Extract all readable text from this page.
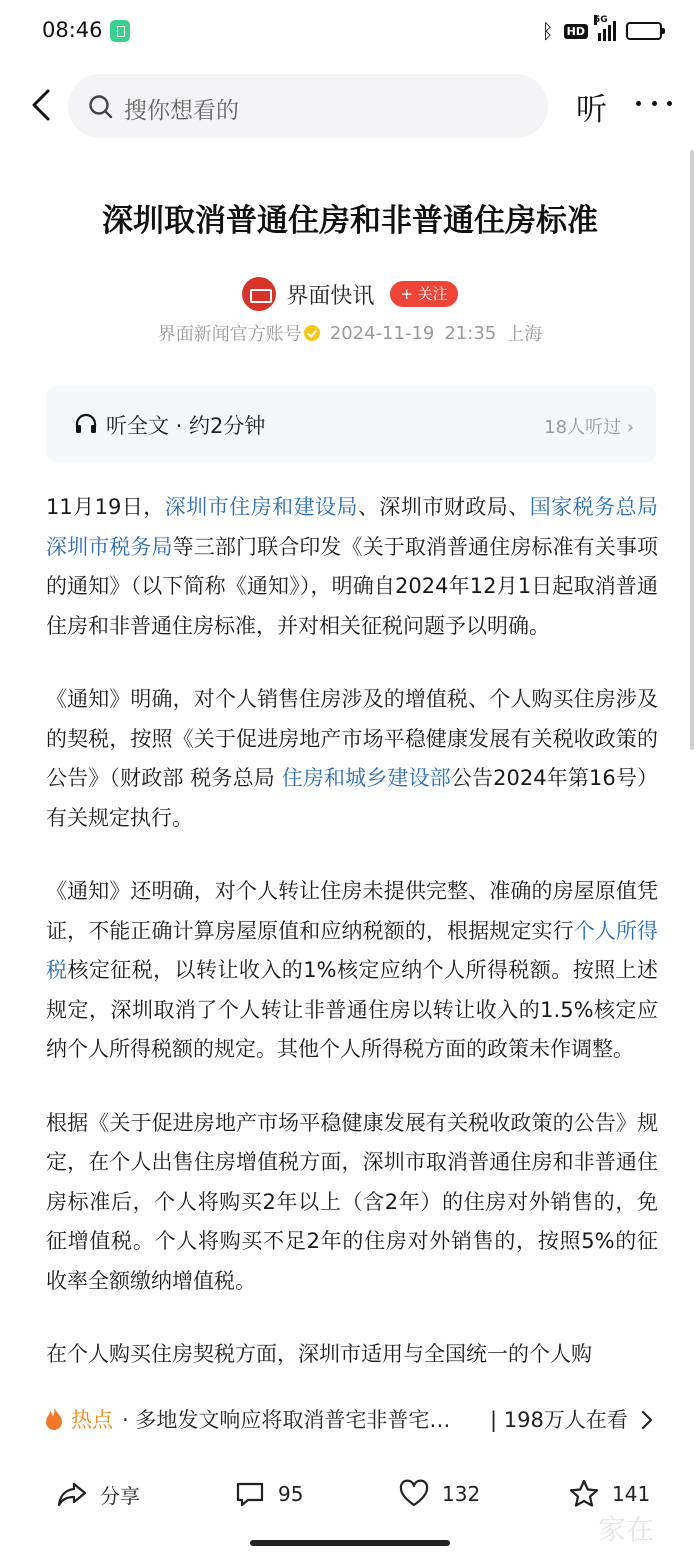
08:46	ᛒ HD
5G
搜你想看的	听
深圳取消普通住房和非普通住房标准
界面快讯	+ 关注
界面新闻官方账号 2024-11-19 21:35 上海
听全文 · 约2分钟	18人听过 ›

11月19日，深圳市住房和建设局、深圳市财政局、国家税务总局深圳市税务局等三部门联合印发《关于取消普通住房标准有关事项的通知》（以下简称《通知》），明确自2024年12月1日起取消普通住房和非普通住房标准，并对相关征税问题予以明确。

《通知》明确，对个人销售住房涉及的增值税、个人购买住房涉及的契税，按照《关于促进房地产市场平稳健康发展有关税收政策的公告》（财政部 税务总局 住房和城乡建设部公告2024年第16号）有关规定执行。

《通知》还明确，对个人转让住房未提供完整、准确的房屋原值凭证，不能正确计算房屋原值和应纳税额的，根据规定实行个人所得税核定征税，以转让收入的1%核定应纳个人所得税额。按照上述规定，深圳取消了个人转让非普通住房以转让收入的1.5%核定应纳个人所得税额的规定。其他个人所得税方面的政策未作调整。

根据《关于促进房地产市场平稳健康发展有关税收政策的公告》规定，在个人出售住房增值税方面，深圳市取消普通住房和非普通住房标准后，个人将购买2年以上（含2年）的住房对外销售的，免征增值税。个人将购买不足2年的住房对外销售的，按照5%的征收率全额缴纳增值税。

在个人购买住房契税方面，深圳市适用与全国统一的个人购

热点 · 多地发文响应将取消普宅非普宅… | 198万人在看
分享	95	132	141
家在
